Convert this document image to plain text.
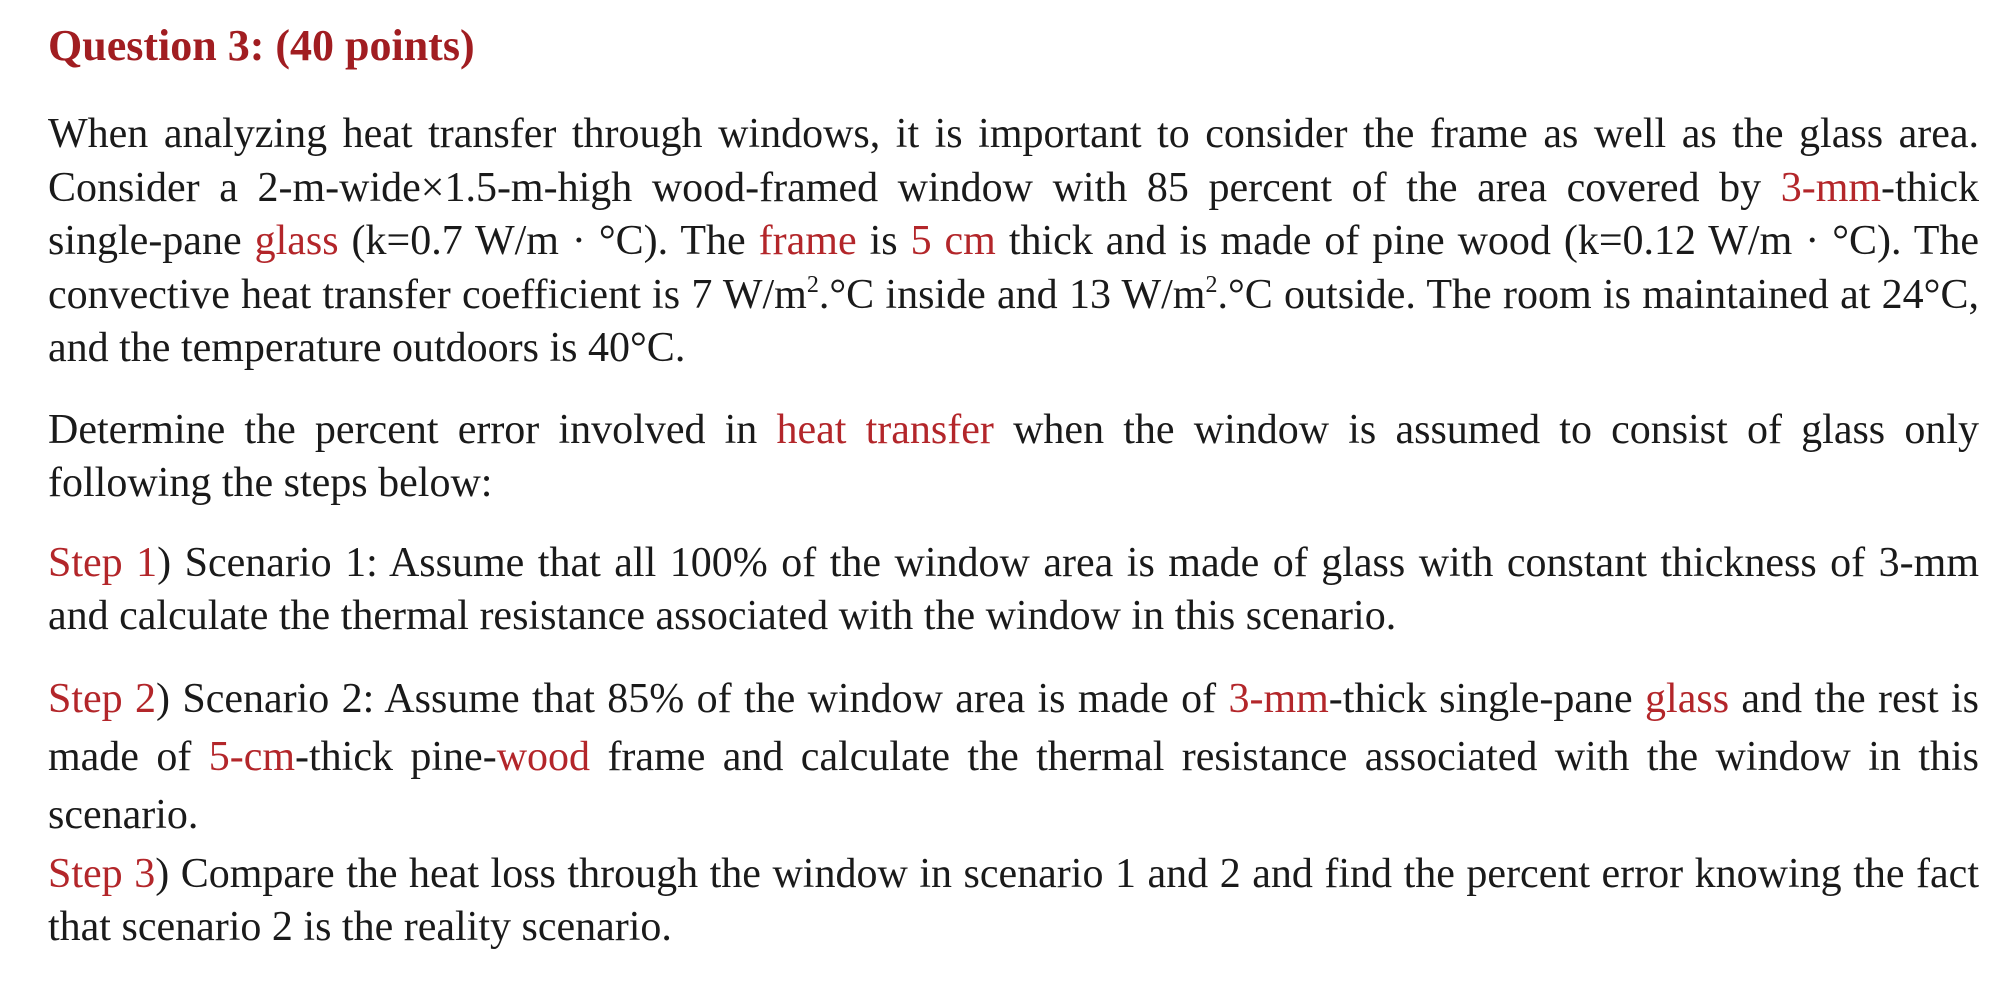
Question 3: (40 points)

When analyzing heat transfer through windows, it is important to consider the frame as well as the glass area. Consider a 2-m-wide×1.5-m-high wood-framed window with 85 percent of the area covered by 3-mm-thick single-pane glass (k=0.7 W/m · °C). The frame is 5 cm thick and is made of pine wood (k=0.12 W/m · °C). The convective heat transfer coefficient is 7 $W/m^2.^\circ C$ inside and 13 $W/m^2.^\circ C$ outside. The room is maintained at 24°C, and the temperature outdoors is 40°C.

Determine the percent error involved in heat transfer when the window is assumed to consist of glass only following the steps below:

Step 1) Scenario 1: Assume that all 100% of the window area is made of glass with constant thickness of 3-mm and calculate the thermal resistance associated with the window in this scenario.

Step 2) Scenario 2: Assume that 85% of the window area is made of 3-mm-thick single-pane glass and the rest is made of 5-cm-thick pine-wood frame and calculate the thermal resistance associated with the window in this scenario.

Step 3) Compare the heat loss through the window in scenario 1 and 2 and find the percent error knowing the fact that scenario 2 is the reality scenario.
